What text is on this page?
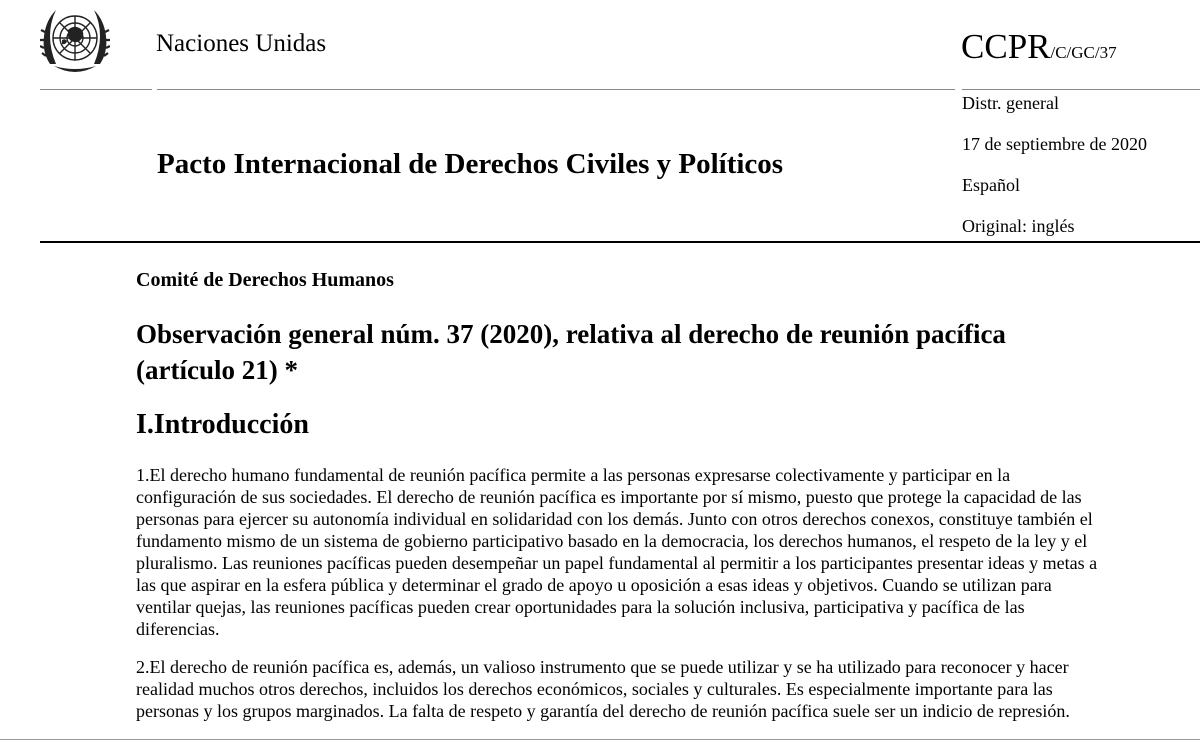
Naciones Unidas	CCPR/C/GC/37
Pacto Internacional de Derechos Civiles y Políticos
Distr. general
17 de septiembre de 2020
Español
Original: inglés
Comité de Derechos Humanos
Observación general núm. 37 (2020), relativa al derecho de reunión pacífica (artículo 21) *
I.Introducción
1.El derecho humano fundamental de reunión pacífica permite a las personas expresarse colectivamente y participar en la configuración de sus sociedades. El derecho de reunión pacífica es importante por sí mismo, puesto que protege la capacidad de las personas para ejercer su autonomía individual en solidaridad con los demás. Junto con otros derechos conexos, constituye también el fundamento mismo de un sistema de gobierno participativo basado en la democracia, los derechos humanos, el respeto de la ley y el pluralismo. Las reuniones pacíficas pueden desempeñar un papel fundamental al permitir a los participantes presentar ideas y metas a las que aspirar en la esfera pública y determinar el grado de apoyo u oposición a esas ideas y objetivos. Cuando se utilizan para ventilar quejas, las reuniones pacíficas pueden crear oportunidades para la solución inclusiva, participativa y pacífica de las diferencias.
2.El derecho de reunión pacífica es, además, un valioso instrumento que se puede utilizar y se ha utilizado para reconocer y hacer realidad muchos otros derechos, incluidos los derechos económicos, sociales y culturales. Es especialmente importante para las personas y los grupos marginados. La falta de respeto y garantía del derecho de reunión pacífica suele ser un indicio de represión.
